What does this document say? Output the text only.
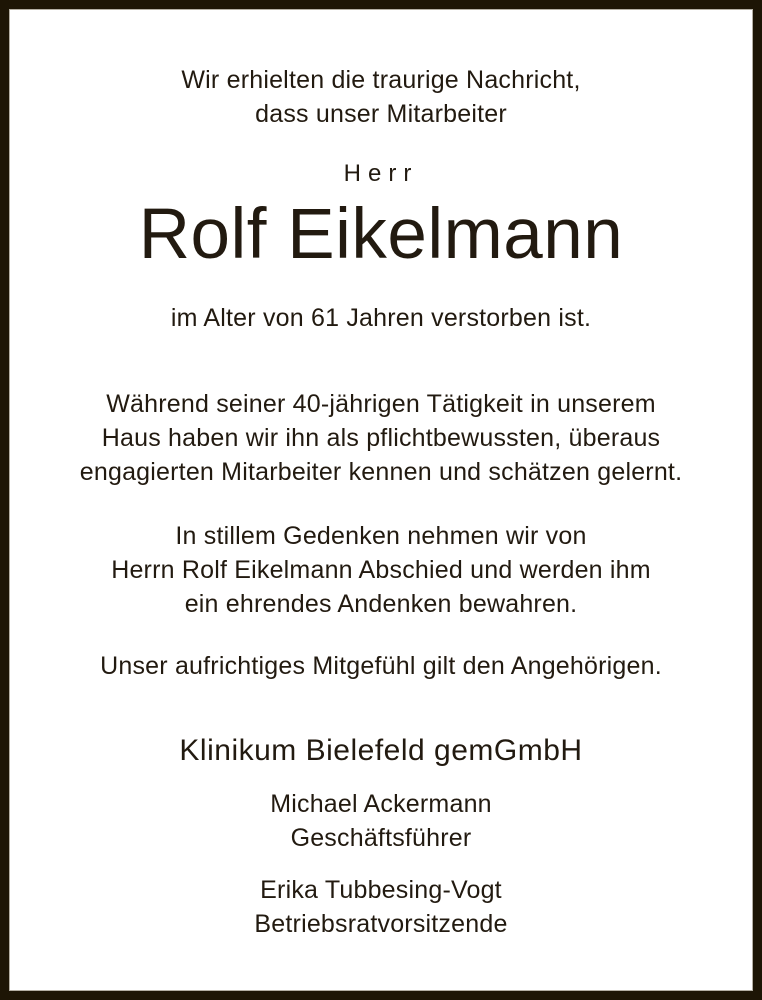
Wir erhielten die traurige Nachricht,
dass unser Mitarbeiter
Herr
Rolf Eikelmann
im Alter von 61 Jahren verstorben ist.
Während seiner 40-jährigen Tätigkeit in unserem
Haus haben wir ihn als pflichtbewussten, überaus
engagierten Mitarbeiter kennen und schätzen gelernt.
In stillem Gedenken nehmen wir von
Herrn Rolf Eikelmann Abschied und werden ihm
ein ehrendes Andenken bewahren.
Unser aufrichtiges Mitgefühl gilt den Angehörigen.
Klinikum Bielefeld gemGmbH
Michael Ackermann
Geschäftsführer
Erika Tubbesing-Vogt
Betriebsratvorsitzende
